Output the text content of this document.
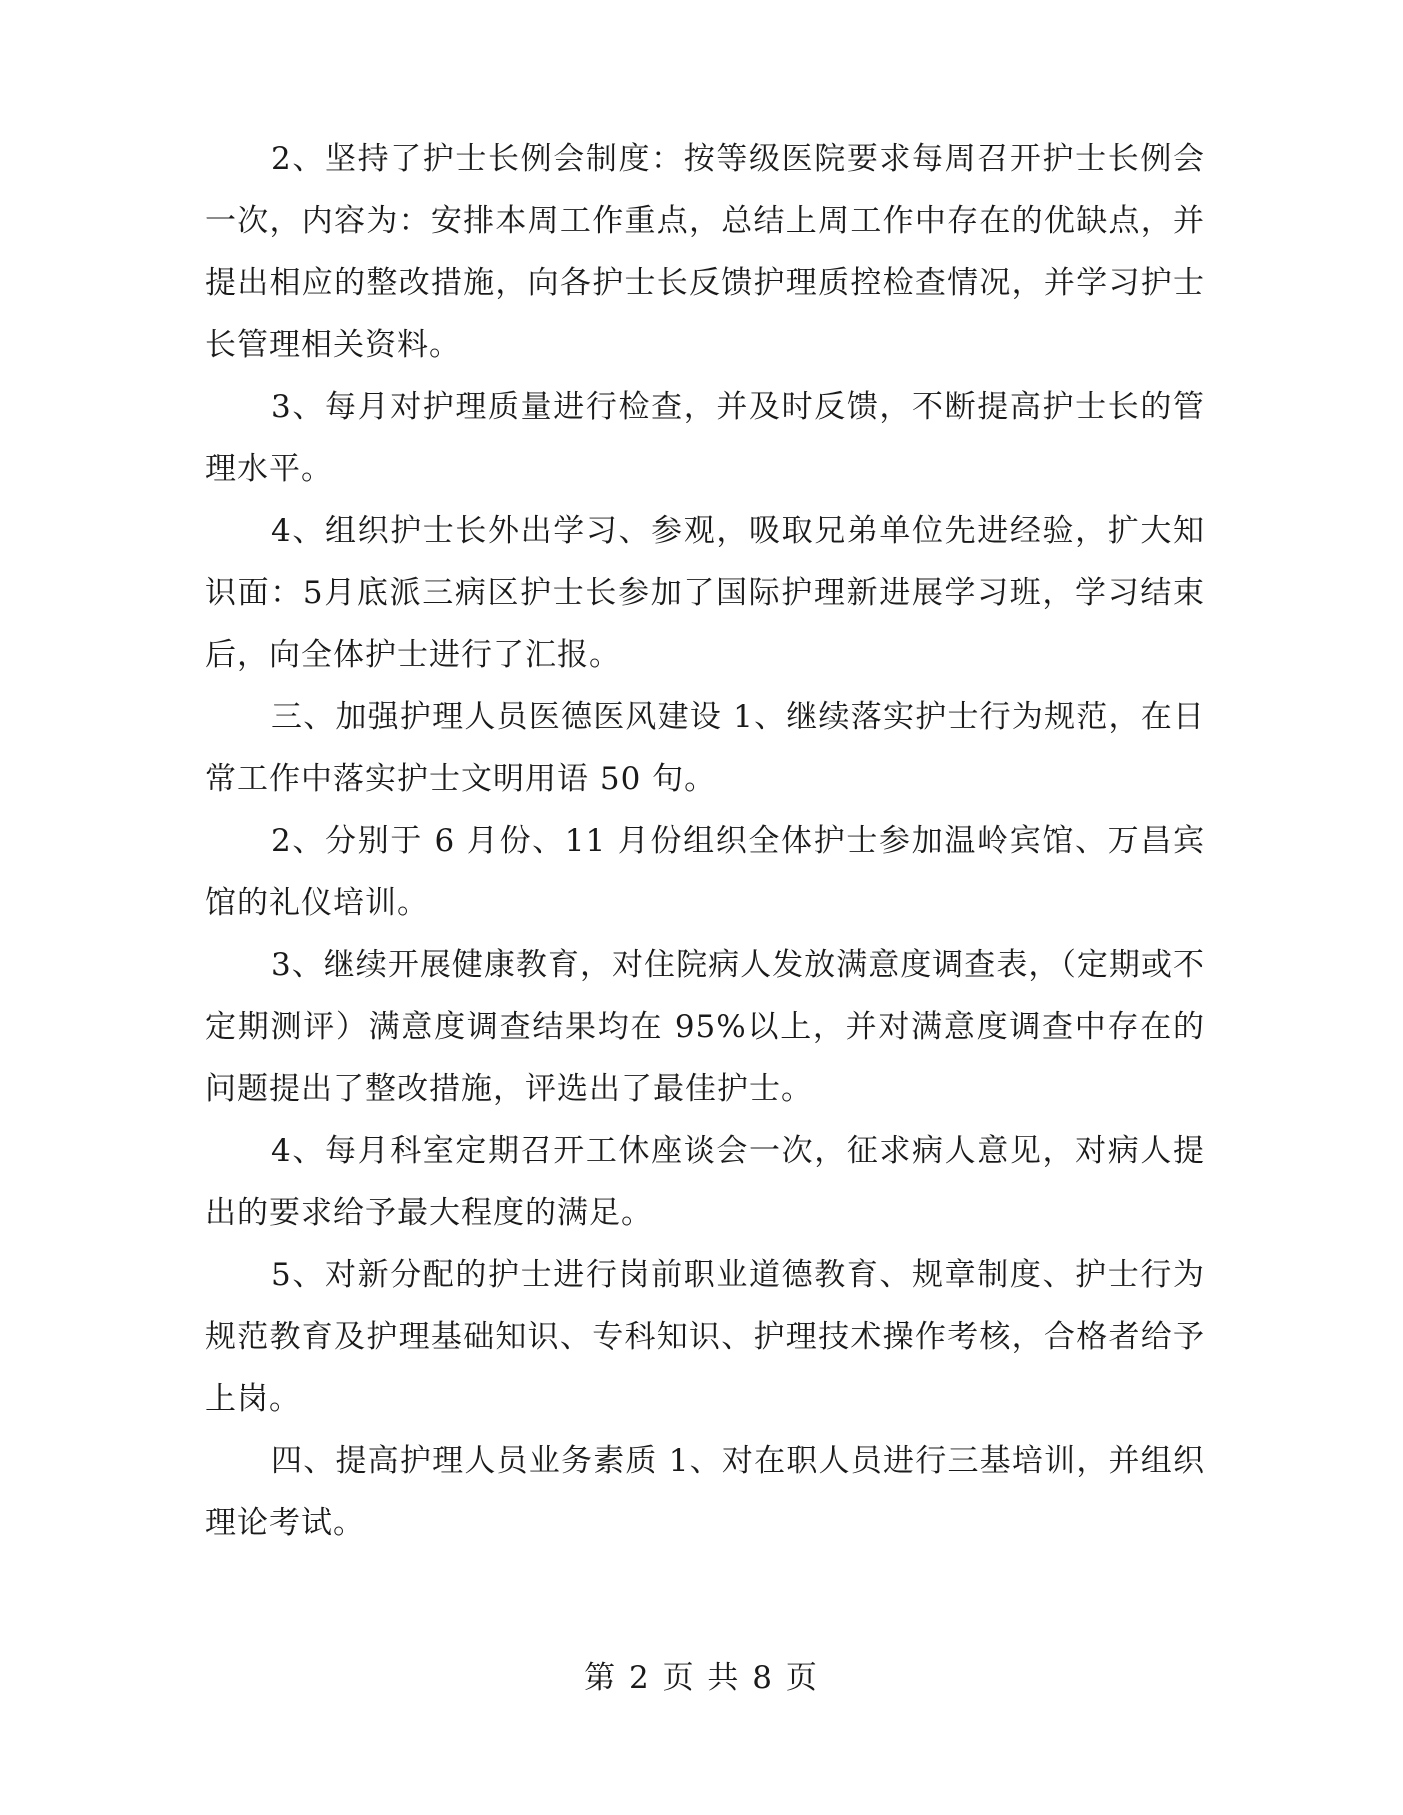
2、坚持了护士长例会制度：按等级医院要求每周召开护士长例会一次，内容为：安排本周工作重点，总结上周工作中存在的优缺点，并提出相应的整改措施，向各护士长反馈护理质控检查情况，并学习护士长管理相关资料。

3、每月对护理质量进行检查，并及时反馈，不断提高护士长的管理水平。

4、组织护士长外出学习、参观，吸取兄弟单位先进经验，扩大知识面：5月底派三病区护士长参加了国际护理新进展学习班，学习结束后，向全体护士进行了汇报。

三、加强护理人员医德医风建设 1、继续落实护士行为规范，在日常工作中落实护士文明用语 50 句。

2、分别于 6 月份、11 月份组织全体护士参加温岭宾馆、万昌宾馆的礼仪培训。

3、继续开展健康教育，对住院病人发放满意度调查表，（定期或不定期测评）满意度调查结果均在 95%以上，并对满意度调查中存在的问题提出了整改措施，评选出了最佳护士。

4、每月科室定期召开工休座谈会一次，征求病人意见，对病人提出的要求给予最大程度的满足。

5、对新分配的护士进行岗前职业道德教育、规章制度、护士行为规范教育及护理基础知识、专科知识、护理技术操作考核，合格者给予上岗。

四、提高护理人员业务素质 1、对在职人员进行三基培训，并组织理论考试。

第 2 页 共 8 页
